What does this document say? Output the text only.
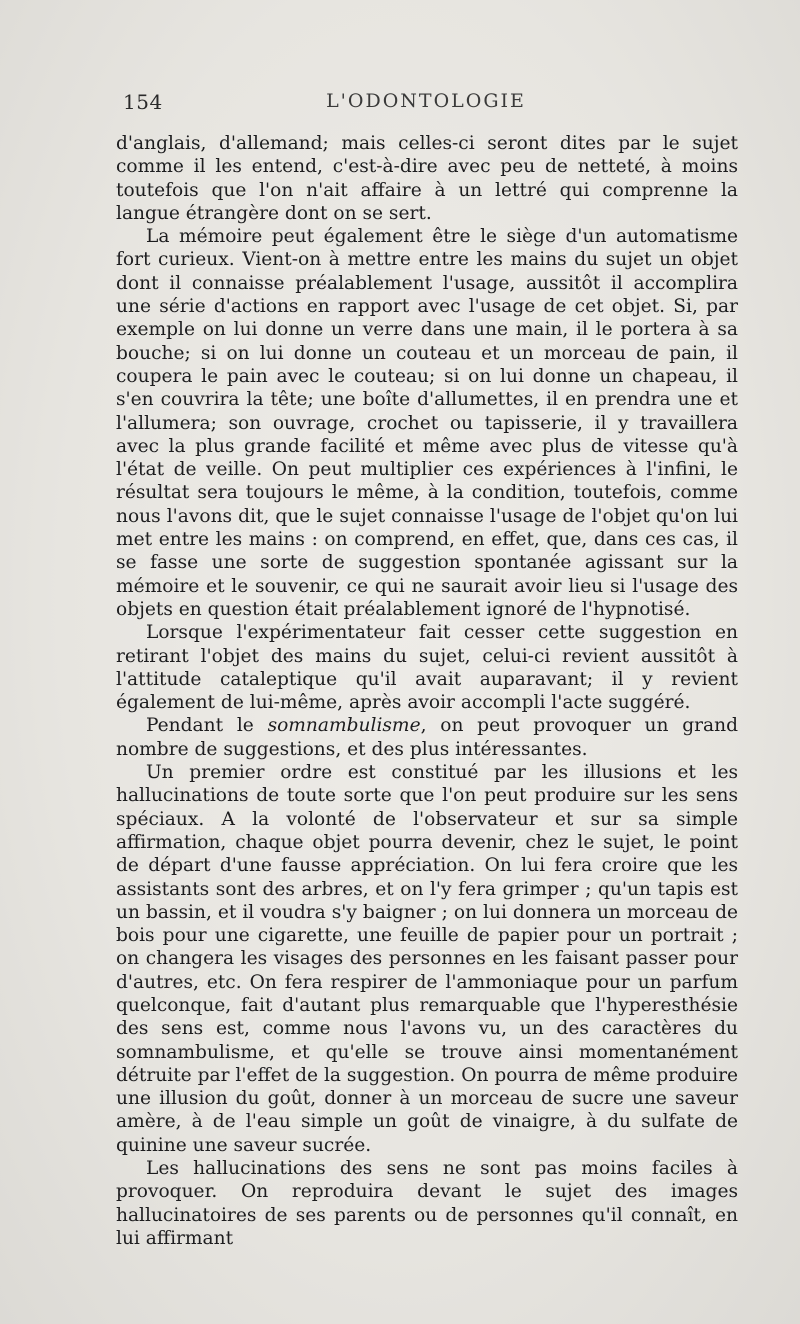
154	L'ODONTOLOGIE

d'anglais, d'allemand; mais celles-ci seront dites par le sujet comme il les entend, c'est-à-dire avec peu de netteté, à moins toutefois que l'on n'ait affaire à un lettré qui comprenne la langue étrangère dont on se sert.

La mémoire peut également être le siège d'un automatisme fort curieux. Vient-on à mettre entre les mains du sujet un objet dont il connaisse préalablement l'usage, aussitôt il accomplira une série d'actions en rapport avec l'usage de cet objet. Si, par exemple on lui donne un verre dans une main, il le portera à sa bouche; si on lui donne un couteau et un morceau de pain, il coupera le pain avec le couteau; si on lui donne un chapeau, il s'en couvrira la tête; une boîte d'allumettes, il en prendra une et l'allumera; son ouvrage, crochet ou tapisserie, il y travaillera avec la plus grande facilité et même avec plus de vitesse qu'à l'état de veille. On peut multiplier ces expériences à l'infini, le résultat sera toujours le même, à la condition, toutefois, comme nous l'avons dit, que le sujet connaisse l'usage de l'objet qu'on lui met entre les mains : on comprend, en effet, que, dans ces cas, il se fasse une sorte de suggestion spontanée agissant sur la mémoire et le souvenir, ce qui ne saurait avoir lieu si l'usage des objets en question était préalablement ignoré de l'hypnotisé.

Lorsque l'expérimentateur fait cesser cette suggestion en retirant l'objet des mains du sujet, celui-ci revient aussitôt à l'attitude cataleptique qu'il avait auparavant; il y revient également de lui-même, après avoir accompli l'acte suggéré.

Pendant le somnambulisme, on peut provoquer un grand nombre de suggestions, et des plus intéressantes.

Un premier ordre est constitué par les illusions et les hallucinations de toute sorte que l'on peut produire sur les sens spéciaux. A la volonté de l'observateur et sur sa simple affirmation, chaque objet pourra devenir, chez le sujet, le point de départ d'une fausse appréciation. On lui fera croire que les assistants sont des arbres, et on l'y fera grimper ; qu'un tapis est un bassin, et il voudra s'y baigner ; on lui donnera un morceau de bois pour une cigarette, une feuille de papier pour un portrait ; on changera les visages des personnes en les faisant passer pour d'autres, etc. On fera respirer de l'ammoniaque pour un parfum quelconque, fait d'autant plus remarquable que l'hyperesthésie des sens est, comme nous l'avons vu, un des caractères du somnambulisme, et qu'elle se trouve ainsi momentanément détruite par l'effet de la suggestion. On pourra de même produire une illusion du goût, donner à un morceau de sucre une saveur amère, à de l'eau simple un goût de vinaigre, à du sulfate de quinine une saveur sucrée.

Les hallucinations des sens ne sont pas moins faciles à provoquer. On reproduira devant le sujet des images hallucinatoires de ses parents ou de personnes qu'il connaît, en lui affirmant
